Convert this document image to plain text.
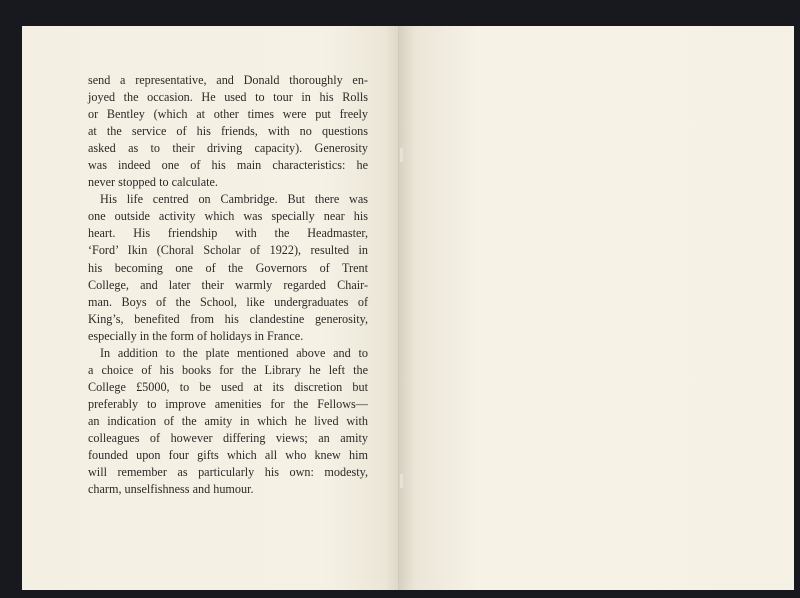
send a representative, and Donald thoroughly en-
joyed the occasion. He used to tour in his Rolls
or Bentley (which at other times were put freely
at the service of his friends, with no questions
asked as to their driving capacity). Generosity
was indeed one of his main characteristics: he
never stopped to calculate.
His life centred on Cambridge. But there was
one outside activity which was specially near his
heart. His friendship with the Headmaster,
‘Ford’ Ikin (Choral Scholar of 1922), resulted in
his becoming one of the Governors of Trent
College, and later their warmly regarded Chair-
man. Boys of the School, like undergraduates of
King’s, benefited from his clandestine generosity,
especially in the form of holidays in France.
In addition to the plate mentioned above and to
a choice of his books for the Library he left the
College £5000, to be used at its discretion but
preferably to improve amenities for the Fellows—
an indication of the amity in which he lived with
colleagues of however differing views; an amity
founded upon four gifts which all who knew him
will remember as particularly his own: modesty,
charm, unselfishness and humour.
